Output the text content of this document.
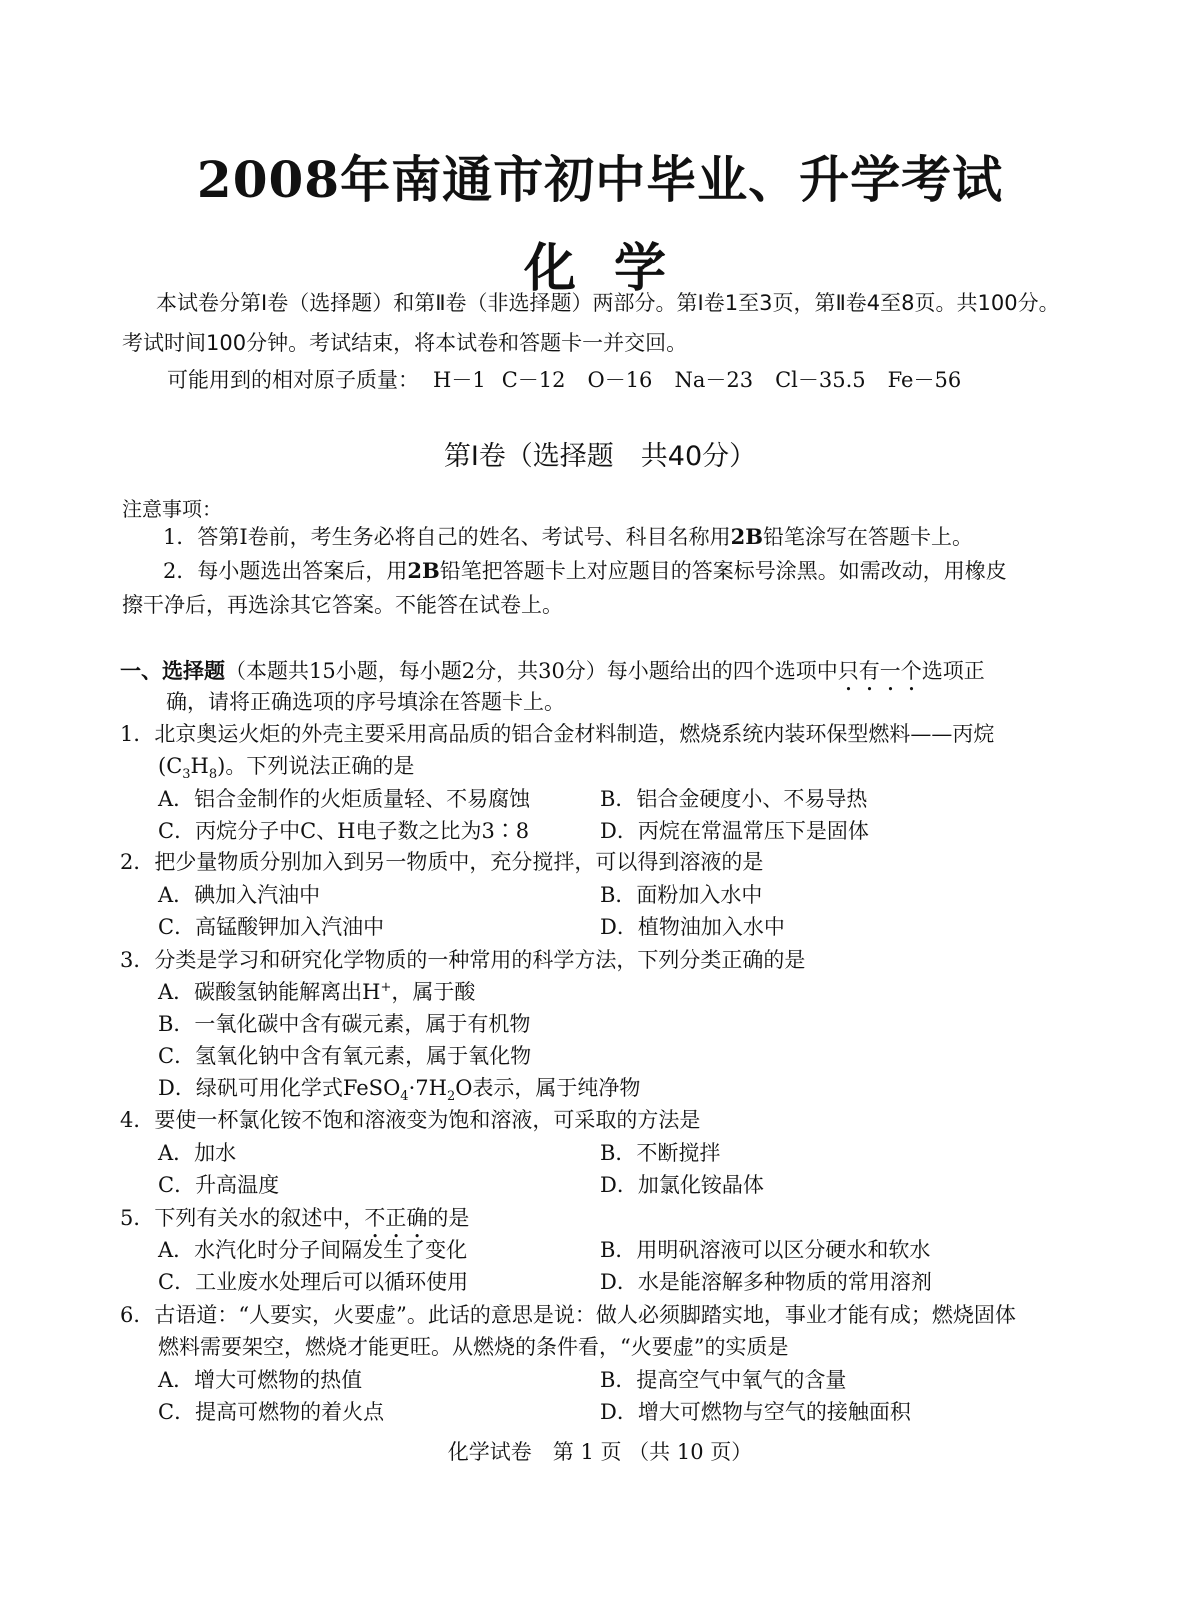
2008年南通市初中毕业、升学考试
化 学
本试卷分第Ⅰ卷（选择题）和第Ⅱ卷（非选择题）两部分。第Ⅰ卷1至3页，第Ⅱ卷4至8页。共100分。考试时间100分钟。考试结束，将本试卷和答题卡一并交回。
可能用到的相对原子质量： H－1 C－12 O－16 Na－23 Cl－35.5 Fe－56
第Ⅰ卷（选择题　共40分）
注意事项：
1．答第Ⅰ卷前，考生务必将自己的姓名、考试号、科目名称用2B铅笔涂写在答题卡上。
2．每小题选出答案后，用2B铅笔把答题卡上对应题目的答案标号涂黑。如需改动，用橡皮
擦干净后，再选涂其它答案。不能答在试卷上。
一、选择题（本题共15小题，每小题2分，共30分）每小题给出的四个选项中只有一个选项正
确，请将正确选项的序号填涂在答题卡上。
1．北京奥运火炬的外壳主要采用高品质的铝合金材料制造，燃烧系统内装环保型燃料——丙烷
$(C_3H_8)$。下列说法正确的是
A．铝合金制作的火炬质量轻、不易腐蚀	B．铝合金硬度小、不易导热
C．丙烷分子中C、H电子数之比为3∶8	D．丙烷在常温常压下是固体
2．把少量物质分别加入到另一物质中，充分搅拌，可以得到溶液的是
A．碘加入汽油中	B．面粉加入水中
C．高锰酸钾加入汽油中	D．植物油加入水中
3．分类是学习和研究化学物质的一种常用的科学方法，下列分类正确的是
A．碳酸氢钠能解离出H+，属于酸
B．一氧化碳中含有碳元素，属于有机物
C．氢氧化钠中含有氧元素，属于氧化物
D．绿矾可用化学式$FeSO_4\cdot 7H_2O$表示，属于纯净物
4．要使一杯氯化铵不饱和溶液变为饱和溶液，可采取的方法是
A．加水	B．不断搅拌
C．升高温度	D．加氯化铵晶体
5．下列有关水的叙述中，不正确的是
A．水汽化时分子间隔发生了变化	B．用明矾溶液可以区分硬水和软水
C．工业废水处理后可以循环使用	D．水是能溶解多种物质的常用溶剂
6．古语道：“人要实，火要虚”。此话的意思是说：做人必须脚踏实地，事业才能有成；燃烧固体
燃料需要架空，燃烧才能更旺。从燃烧的条件看，“火要虚”的实质是
A．增大可燃物的热值	B．提高空气中氧气的含量
C．提高可燃物的着火点	D．增大可燃物与空气的接触面积
化学试卷　第 1 页 （共 10 页）
